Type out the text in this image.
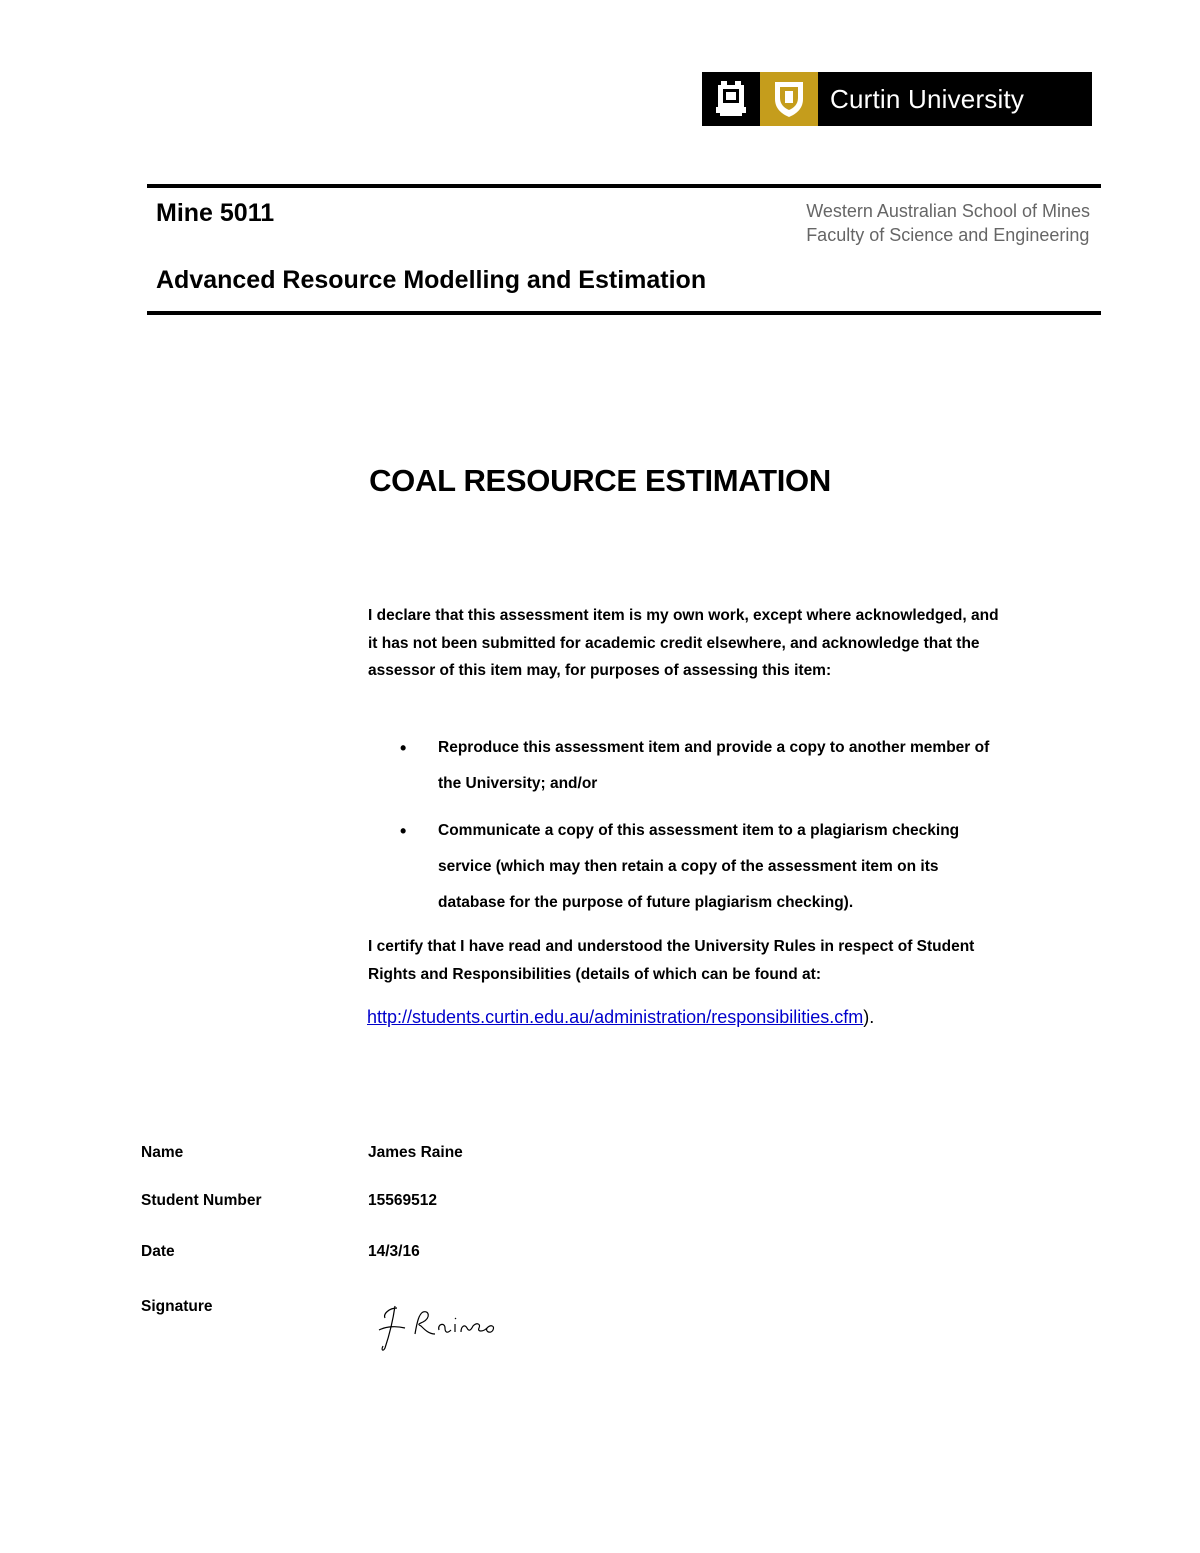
Curtin University
Mine 5011	Western Australian School of Mines
Faculty of Science and Engineering
Advanced Resource Modelling and Estimation
COAL RESOURCE ESTIMATION
I declare that this assessment item is my own work, except where acknowledged, and it has not been submitted for academic credit elsewhere, and acknowledge that the assessor of this item may, for purposes of assessing this item:
• Reproduce this assessment item and provide a copy to another member of the University; and/or
• Communicate a copy of this assessment item to a plagiarism checking service (which may then retain a copy of the assessment item on its database for the purpose of future plagiarism checking).
I certify that I have read and understood the University Rules in respect of Student Rights and Responsibilities (details of which can be found at:
http://students.curtin.edu.au/administration/responsibilities.cfm).
Name	James Raine
Student Number	15569512
Date	14/3/16
Signature
